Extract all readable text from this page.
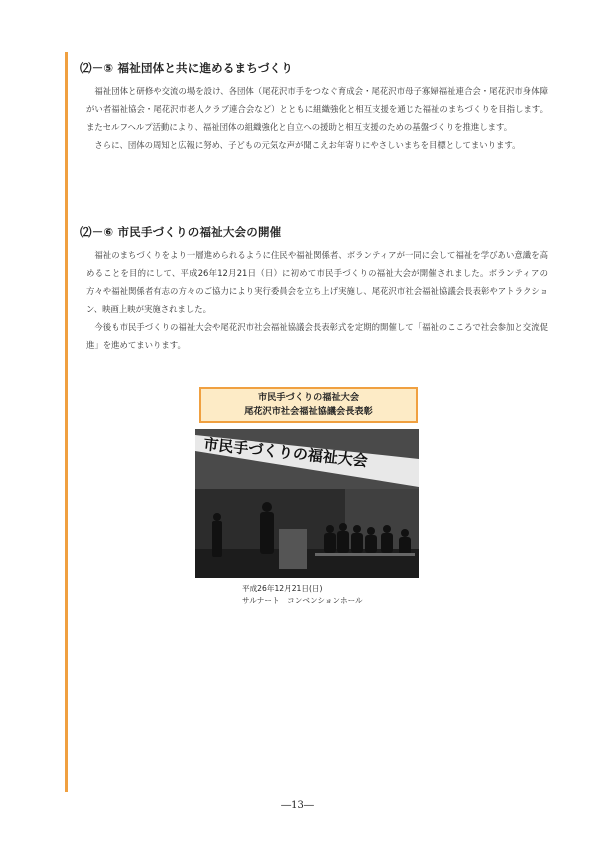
⑵－⑤ 福祉団体と共に進めるまちづくり

福祉団体と研修や交流の場を設け、各団体（尾花沢市手をつなぐ育成会・尾花沢市母子寡婦福祉連合会・尾花沢市身体障がい者福祉協会・尾花沢市老人クラブ連合会など）とともに組織強化と相互支援を通じた福祉のまちづくりを目指します。またセルフヘルプ活動により、福祉団体の組織強化と自立への援助と相互支援のための基盤づくりを推進します。

さらに、団体の周知と広報に努め、子どもの元気な声が聞こえお年寄りにやさしいまちを目標としてまいります。

⑵－⑥ 市民手づくりの福祉大会の開催

福祉のまちづくりをより一層進められるように住民や福祉関係者、ボランティアが一同に会して福祉を学びあい意識を高めることを目的にして、平成26年12月21日（日）に初めて市民手づくりの福祉大会が開催されました。ボランティアの方々や福祉関係者有志の方々のご協力により実行委員会を立ち上げ実施し、尾花沢市社会福祉協議会長表彰やアトラクション、映画上映が実施されました。

今後も市民手づくりの福祉大会や尾花沢市社会福祉協議会長表彰式を定期的開催して「福祉のこころで社会参加と交流促進」を進めてまいります。

市民手づくりの福祉大会
尾花沢市社会福祉協議会長表彰
市民手づくりの福祉大会
平成26年12月21日(日)
サルナート　コンベンションホール
―13―
